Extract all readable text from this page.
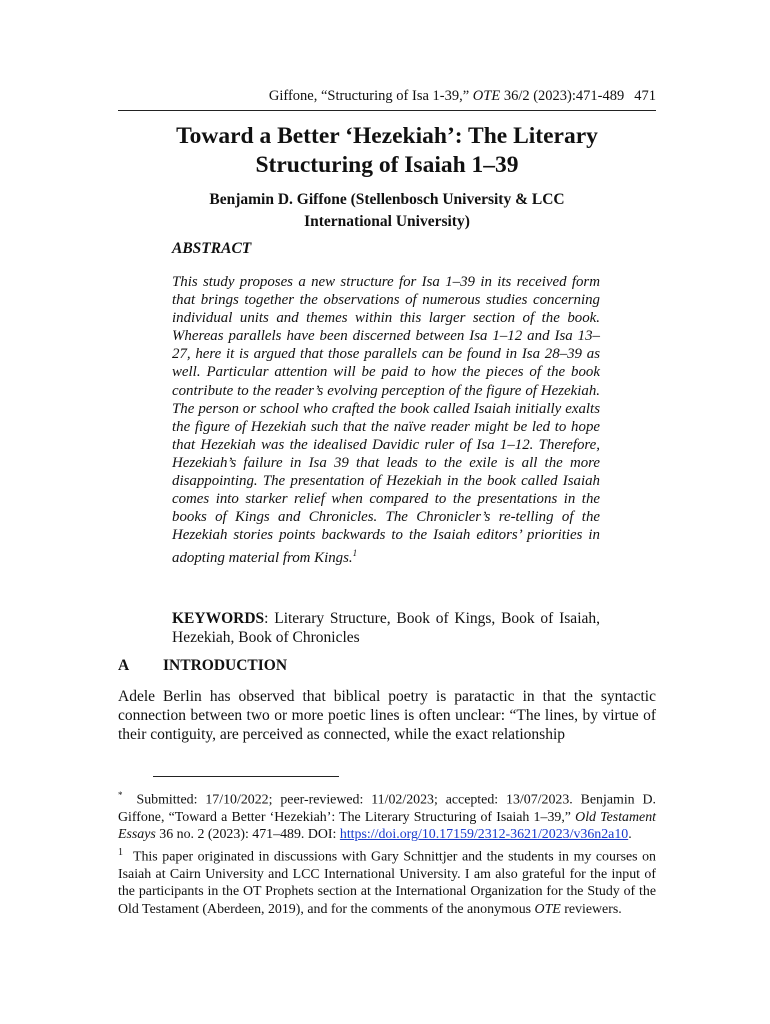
Giffone, “Structuring of Isa 1-39,” OTE 36/2 (2023):471-489 471
Toward a Better ‘Hezekiah’: The Literary
Structuring of Isaiah 1–39
Benjamin D. Giffone (Stellenbosch University & LCC
International University)
ABSTRACT
This study proposes a new structure for Isa 1–39 in its received form that brings together the observations of numerous studies concerning individual units and themes within this larger section of the book. Whereas parallels have been discerned between Isa 1–12 and Isa 13–27, here it is argued that those parallels can be found in Isa 28–39 as well. Particular attention will be paid to how the pieces of the book contribute to the reader’s evolving perception of the figure of Hezekiah. The person or school who crafted the book called Isaiah initially exalts the figure of Hezekiah such that the naïve reader might be led to hope that Hezekiah was the idealised Davidic ruler of Isa 1–12. Therefore, Hezekiah’s failure in Isa 39 that leads to the exile is all the more disappointing. The presentation of Hezekiah in the book called Isaiah comes into starker relief when compared to the presentations in the books of Kings and Chronicles. The Chronicler’s re-telling of the Hezekiah stories points backwards to the Isaiah editors’ priorities in adopting material from Kings.$^1$
KEYWORDS: Literary Structure, Book of Kings, Book of Isaiah, Hezekiah, Book of Chronicles
A INTRODUCTION
Adele Berlin has observed that biblical poetry is paratactic in that the syntactic connection between two or more poetic lines is often unclear: “The lines, by virtue of their contiguity, are perceived as connected, while the exact relationship

* Submitted: 17/10/2022; peer-reviewed: 11/02/2023; accepted: 13/07/2023. Benjamin D. Giffone, “Toward a Better ‘Hezekiah’: The Literary Structuring of Isaiah 1–39,” Old Testament Essays 36 no. 2 (2023): 471–489. DOI: https://doi.org/10.17159/2312-3621/2023/v36n2a10.

$^1$ This paper originated in discussions with Gary Schnittjer and the students in my courses on Isaiah at Cairn University and LCC International University. I am also grateful for the input of the participants in the OT Prophets section at the International Organization for the Study of the Old Testament (Aberdeen, 2019), and for the comments of the anonymous OTE reviewers.
